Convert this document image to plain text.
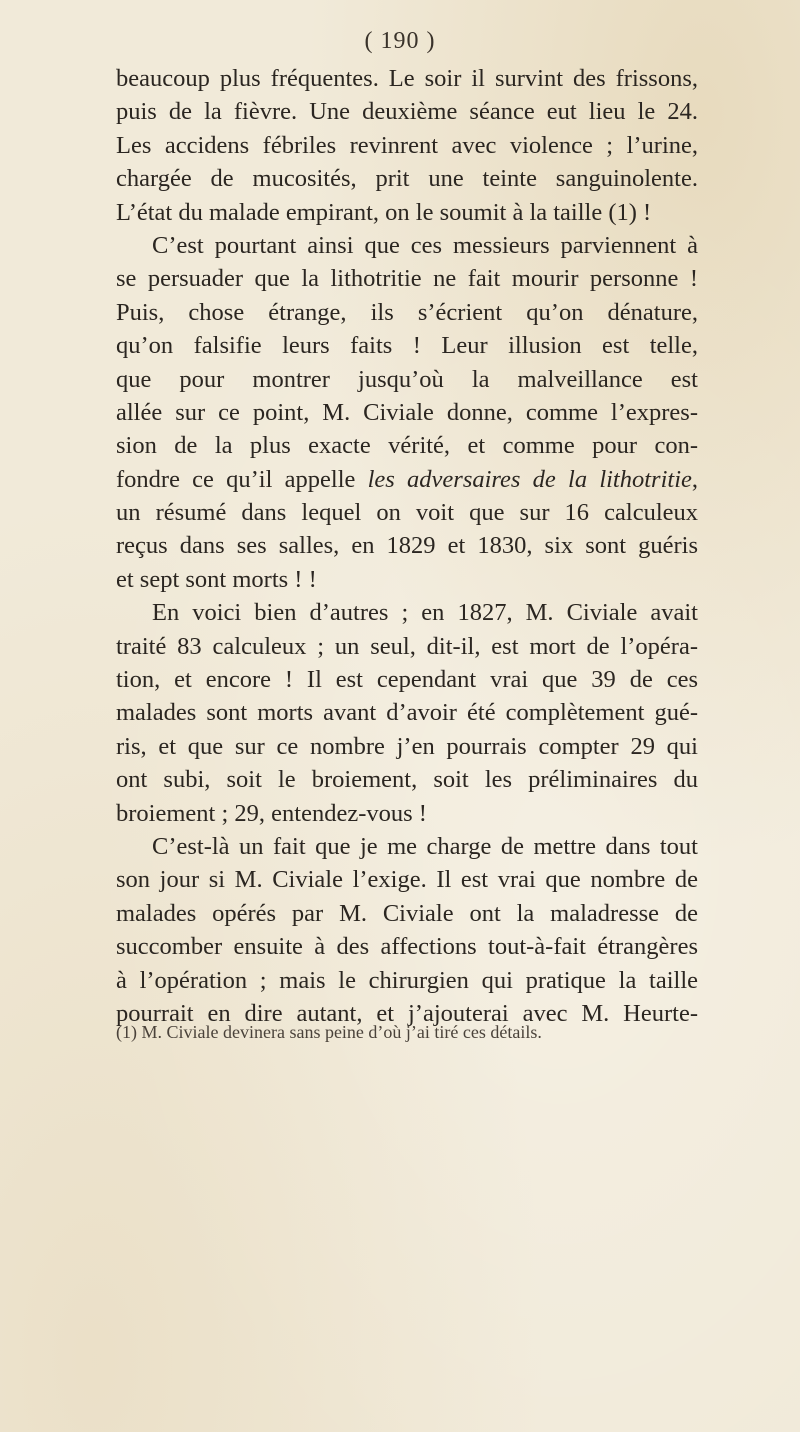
( 190 )
beaucoup plus fréquentes. Le soir il survint des frissons,
puis de la fièvre. Une deuxième séance eut lieu le 24.
Les accidens fébriles revinrent avec violence ; l’urine,
chargée de mucosités, prit une teinte sanguinolente.
L’état du malade empirant, on le soumit à la taille (1) !
C’est pourtant ainsi que ces messieurs parviennent à
se persuader que la lithotritie ne fait mourir personne !
Puis, chose étrange, ils s’écrient qu’on dénature,
qu’on falsifie leurs faits ! Leur illusion est telle,
que pour montrer jusqu’où la malveillance est
allée sur ce point, M. Civiale donne, comme l’expres-
sion de la plus exacte vérité, et comme pour con-
fondre ce qu’il appelle les adversaires de la lithotritie,
un résumé dans lequel on voit que sur 16 calculeux
reçus dans ses salles, en 1829 et 1830, six sont guéris
et sept sont morts ! !
En voici bien d’autres ; en 1827, M. Civiale avait
traité 83 calculeux ; un seul, dit-il, est mort de l’opéra-
tion, et encore ! Il est cependant vrai que 39 de ces
malades sont morts avant d’avoir été complètement gué-
ris, et que sur ce nombre j’en pourrais compter 29 qui
ont subi, soit le broiement, soit les préliminaires du
broiement ; 29, entendez-vous !
C’est-là un fait que je me charge de mettre dans tout
son jour si M. Civiale l’exige. Il est vrai que nombre de
malades opérés par M. Civiale ont la maladresse de
succomber ensuite à des affections tout-à-fait étrangères
à l’opération ; mais le chirurgien qui pratique la taille
pourrait en dire autant, et j’ajouterai avec M. Heurte-
(1) M. Civiale devinera sans peine d’où j’ai tiré ces détails.
